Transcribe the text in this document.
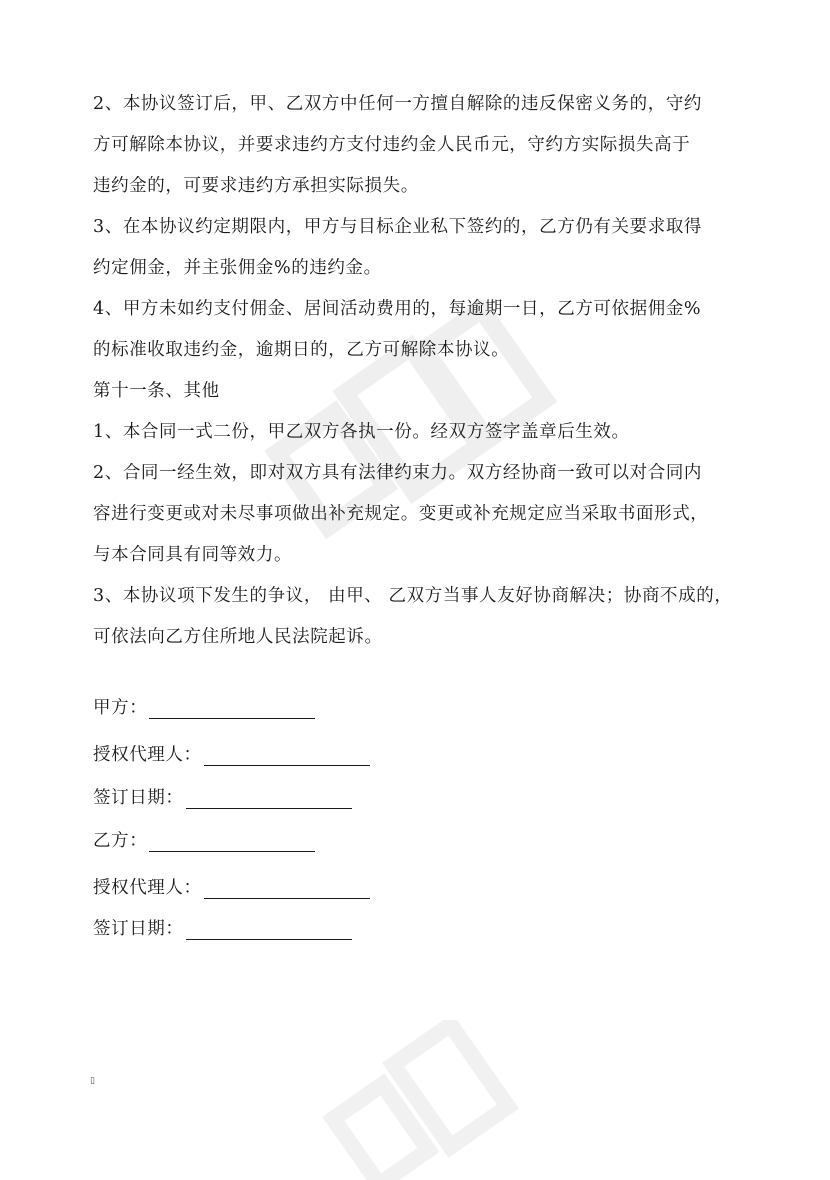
2、本协议签订后，甲、乙双方中任何一方擅自解除的违反保密义务的，守约

方可解除本协议，并要求违约方支付违约金人民币元，守约方实际损失高于

违约金的，可要求违约方承担实际损失。

3、在本协议约定期限内，甲方与目标企业私下签约的，乙方仍有关要求取得

约定佣金，并主张佣金%的违约金。

4、甲方未如约支付佣金、居间活动费用的，每逾期一日，乙方可依据佣金%

的标准收取违约金，逾期日的，乙方可解除本协议。

第十一条、其他

1、本合同一式二份，甲乙双方各执一份。经双方签字盖章后生效。

2、合同一经生效，即对双方具有法律约束力。双方经协商一致可以对合同内

容进行变更或对未尽事项做出补充规定。变更或补充规定应当采取书面形式，

与本合同具有同等效力。

3、本协议项下发生的争议， 由甲、 乙双方当事人友好协商解决；协商不成的，

可依法向乙方住所地人民法院起诉。

甲方：
授权代理人：
签订日期：
乙方：
授权代理人：
签订日期：
▯
